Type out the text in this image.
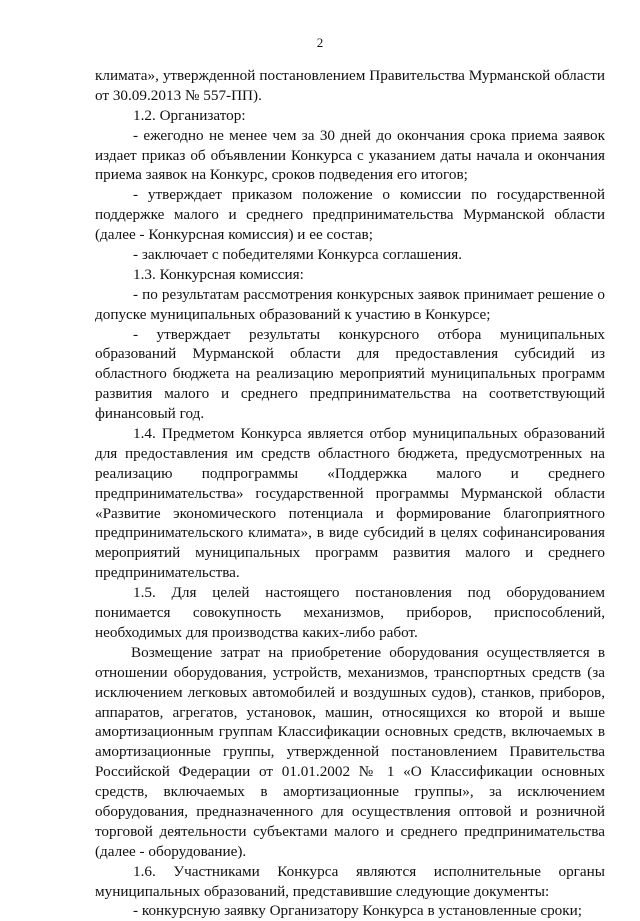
2
климата», утвержденной постановлением Правительства Мурманской области
от 30.09.2013 № 557-ПП).
1.2. Организатор:
- ежегодно не менее чем за 30 дней до окончания срока приема заявок
издает приказ об объявлении Конкурса с указанием даты начала и окончания
приема заявок на Конкурс, сроков подведения его итогов;
- утверждает приказом положение о комиссии по государственной
поддержке малого и среднего предпринимательства Мурманской области
(далее - Конкурсная комиссия) и ее состав;
- заключает с победителями Конкурса соглашения.
1.3. Конкурсная комиссия:
- по результатам рассмотрения конкурсных заявок принимает решение о
допуске муниципальных образований к участию в Конкурсе;
- утверждает результаты конкурсного отбора муниципальных
образований Мурманской области для предоставления субсидий из
областного бюджета на реализацию мероприятий муниципальных программ
развития малого и среднего предпринимательства на соответствующий
финансовый год.
1.4. Предметом Конкурса является отбор муниципальных образований
для предоставления им средств областного бюджета, предусмотренных на
реализацию подпрограммы «Поддержка малого и среднего
предпринимательства» государственной программы Мурманской области
«Развитие экономического потенциала и формирование благоприятного
предпринимательского климата», в виде субсидий в целях софинансирования
мероприятий муниципальных программ развития малого и среднего
предпринимательства.
1.5. Для целей настоящего постановления под оборудованием
понимается совокупность механизмов, приборов, приспособлений,
необходимых для производства каких-либо работ.
Возмещение затрат на приобретение оборудования осуществляется в
отношении оборудования, устройств, механизмов, транспортных средств (за
исключением легковых автомобилей и воздушных судов), станков, приборов,
аппаратов, агрегатов, установок, машин, относящихся ко второй и выше
амортизационным группам Классификации основных средств, включаемых в
амортизационные группы, утвержденной постановлением Правительства
Российской Федерации от 01.01.2002 № 1 «О Классификации основных
средств, включаемых в амортизационные группы», за исключением
оборудования, предназначенного для осуществления оптовой и розничной
торговой деятельности субъектами малого и среднего предпринимательства
(далее - оборудование).
1.6. Участниками Конкурса являются исполнительные органы
муниципальных образований, представившие следующие документы:
- конкурсную заявку Организатору Конкурса в установленные сроки;
